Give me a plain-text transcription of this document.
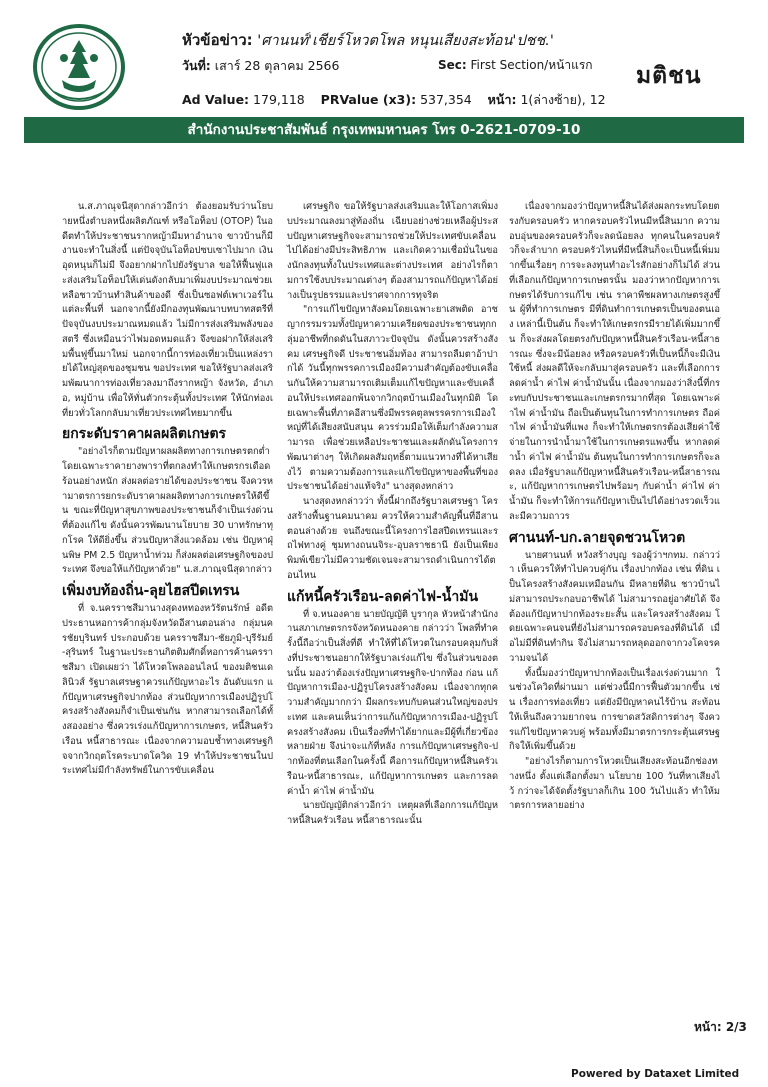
หัวข้อข่าว: 'ศานนท์'เชียร์โหวตโพล หนุนเสียงสะท้อน'ปชช.'
วันที่: เสาร์ 28 ตุลาคม 2566
Ad Value: 179,118 PRValue (x3): 537,354 หน้า: 1(ล่างซ้าย), 12
Sec: First Section/หน้าแรก มติชน
สำนักงานประชาสัมพันธ์ กรุงเทพมหานคร โทร 0-2621-0709-10

น.ส.ภาณุจนีสุดากล่าวอีกว่า ต้องยอมรับว่านโยบายหนึ่งตำบลหนึ่งผลิตภัณฑ์ หรือโอท็อป (OTOP) ในอดีตทำให้ประชาชนรากหญ้ามีมหาอำนาจ ขาวบ้านก็มีงานจะทำในสิ่งนี้ แต่ปัจจุบันโอท็อปซบเซาไปมาก เงินอุดหนุนก็ไม่มี จึงอยากฝากไปยังรัฐบาล ขอให้ฟื้นฟูและส่งเสริมโอท็อปให้เด่นดังกลับมาเพิ่มงบประมาณช่วยเหลือชาวบ้านทำสินค้าของดี ซึ่งเป็นซอฟต์เพาเวอร์ในแต่ละพื้นที่ นอกจากนี้ยังมีกองทุนพัฒนาบทบาทสตรีที่ปัจจุบันงบประมาณหมดแล้ว ไม่มีการส่งเสริมพลังของสตรี ซึ่งเหมือนว่าไฟมอดหมดแล้ว จึงขอฝากให้ส่งเสริมพื้นฟูขึ้นมาใหม่ นอกจากนี้การท่องเที่ยวเป็นแหล่งรายได้ใหญ่สุดของชุมชน ขอประเทศ ขอให้รัฐบาลส่งเสริมพัฒนาการท่องเที่ยวลงมาถึงรากหญ้า จังหวัด, อำเภอ, หมู่บ้าน เพื่อให้ทั่นตัวกระตุ้นทั้งประเทศ ให้นักท่องเที่ยวทั่วโลกกลับมาเที่ยวประเทศไทยมากขึ้น

ยกระดับราคาผลผลิตเกษตร

"อย่างไรก็ตามปัญหาผลผลิตทางการเกษตรตกต่ำ โดยเฉพาะราคายางพาราที่ตกลงทำให้เกษตรกรเดือดร้อนอย่างหนัก ส่งผลต่อรายได้ของประชาชน จึงควรหามาตรการยกระดับราคาผลผลิตทางการเกษตรให้ดีขึ้น ขณะที่ปัญหาสุขภาพของประชาชนก็จำเป็นเร่งด่วนที่ต้องแก้ไข ดังนั้นควรพัฒนานโยบาย 30 บาทรักษาทุกโรค ให้ดียิ่งขึ้น ส่วนปัญหาสิ่งแวดล้อม เช่น ปัญหาฝุ่นพิษ PM 2.5 ปัญหาน้ำท่วม ก็ส่งผลต่อเศรษฐกิจของประเทศ จึงขอให้แก้ปัญหาด้วย" น.ส.ภาณุจนีสุดากล่าว

เพิ่มงบท้องถิ่น-ลุยไฮสปีดเทรน

ที่ จ.นครราชสีมานางสุดงหทองหวัรัตนรักษ์ อดีตประธานหอการค้ากลุ่มจังหวัดอีสานตอนล่าง กลุ่มนครชัยบุรินทร์ ประกอบด้วย นครราชสีมา-ชัยภูมิ-บุรีรัมย์-สุรินทร์ ในฐานะประธานกิตติมศักดิ์หอการค้านครราชสีมา เปิดเผยว่า ได้โหวตโพลออนไลน์ ของมติชนเดลินิวส์ รัฐบาลเศรษฐาควรแก้ปัญหาอะไร อันดับแรก แก้ปัญหาเศรษฐกิจปากท้อง ส่วนปัญหาการเมืองปฏิรูปโครงสร้างสังคมก็จำเป็นเช่นกัน หากสามารถเลือกได้ทั้งสองอย่าง ซึ่งควรเร่งแก้ปัญหาการเกษตร, หนี้สินครัวเรือน หนี้สาธารณะ เนื่องจากความอบช้ำทางเศรษฐกิจจากวิกฤตโรคระบาดโควิด 19 ทำให้ประชาชนในประเทศไม่มีกำลังทรัพย์ในการขับเคลื่อน

เศรษฐกิจ ขอให้รัฐบาลส่งเสริมและให้โอกาสเพิ่มงบประมาณลงมาสู่ท้องถิ่น เฉียบอย่างช่วยเหลือผู้ประสบปัญหาเศรษฐกิจจะสามารถช่วยให้ประเทศขับเคลื่อนไปได้อย่างมีประสิทธิภาพ และเกิดความเชื่อมั่นในของนักลงทุนทั้งในประเทศและต่างประเทศ อย่างไรก็ตามการใช้งบประมาณต่างๆ ต้องสามารถแก้ปัญหาได้อย่างเป็นรูปธรรมและปราศจากการทุจริต

"การแก้ไขปัญหาสังคมโดยเฉพาะยาเสพติด อาชญากรรมรวมทั้งปัญหาความเครียดของประชาชนทุกกลุ่มอาชีพที่กดดันในสภาวะปัจจุบัน ดังนั้นควรสร้างสังคม เศรษฐกิจดี ประชาชนอิ่มท้อง สามารถลืมตาอ้าปากได้ วันนี้ทุกพรรคการเมืองมีความสำคัญต้องขับเคลื่อนกันให้ความสามารถเติมเต็มแก้ไขปัญหาและขับเคลื่อนให้ประเทศออกพ้นจากวิกฤตบ้านเมืองในทุกมิติ โดยเฉพาะพื้นที่ภาคอีสานซึ่งมีพรรคตุลพรรครการเมืองใหญ่ที่ได้เสียงสนับสนุน ควรร่วมมือให้เต็มกำลังความสามารถ เพื่อช่วยเหลือประชาชนและผลักดันโครงการพัฒนาต่างๆ ให้เกิดผลสัมฤทธิ์ตามแนวทางที่ได้หาเสียงไว้ ตามความต้องการและแก้ไขปัญหาของพื้นที่ของประชาชนได้อย่างแท้จริง" นางสุดงหกล่าว

นางสุดงหกล่าวว่า ทั้งนี้ฝากถึงรัฐบาลเศรษฐา โครงสร้างพื้นฐานคมนาคม ควรให้ความสำคัญพื้นที่อีสานตอนล่างด้วย จนถึงขณะนี้โครงการไฮสปีดเทรนและรถไฟทางคู่ ชุมทางถนนจิระ-อุบลราชธานี ยังเป็นเพียงพิมพ์เขียวไม่มีความชัดเจนจะสามารถดำเนินการได้ตอนไหน

แก้หนี้ครัวเรือน-ลดค่าไฟ-น้ำมัน

ที่ จ.หนองคาย นายบัญญัติ บูรากุล หัวหน้าสำนักงานสภาเกษตรกรจังหวัดหนองคาย กล่าวว่า โพลที่ทำครั้งนี้ถือว่าเป็นสิ่งที่ดี ทำให้ที่ได้โหวตในกรอบคลุมกับสิ่งที่ประชาชนอยากให้รัฐบาลเร่งแก้ไข ซึ่งในส่วนของตนนั้น มองว่าต้องเร่งปัญหาเศรษฐกิจ-ปากท้อง ก่อน แก้ปัญหาการเมือง-ปฏิรูปโครงสร้างสังคม เนื่องจากทุกความสำคัญมากกว่า มีผลกระทบกับคนส่วนใหญ่ของประเทศ และคนเห็นว่าการแก้แก้ปัญหาการเมือง-ปฏิรูปโครงสร้างสังคม เป็นเรื่องที่ทำได้ยากและมีผู้ที่เกี่ยวข้องหลายฝ่าย จึงน่าจะแก้ที่หลัง การแก้ปัญหาเศรษฐกิจ-ปากท้องที่ตนเลือกในครั้งนี้ คือการแก้ปัญหาหนี้สินครัวเรือน-หนี้สาธารณะ, แก้ปัญหาการเกษตร และการลดค่าน้ำ ค่าไฟ ค่าน้ำมัน

นายบัญญัติกล่าวอีกว่า เหตุผลที่เลือกการแก้ปัญหาหนี้สินครัวเรือน หนี้สาธารณะนั้น

เนื่องจากมองว่าปัญหาหนี้สินได้ส่งผลกระทบโดยตรงกับครอบครัว หากครอบครัวไหนมีหนี้สินมาก ความอบอุ่นของครอบครัวก็จะลดน้อยลง ทุกคนในครอบครัวก็จะลำบาก ครอบครัวไหนที่มีหนี้สินก็จะเป็นหนี้เพิ่มมากขึ้นเรื่อยๆ การจะลงทุนทำอะไรสักอย่างก็ไม่ได้ ส่วนที่เลือกแก้ปัญหาการเกษตรนั้น มองว่าหากปัญหาการเกษตรได้รับการแก้ไข เช่น ราคาพืชผลทางเกษตรสูงขึ้น ผู้ที่ทำการเกษตร มีที่ดินทำการเกษตรเป็นของตนเอง เหล่านี้เป็นต้น ก็จะทำให้เกษตรกรมีรายได้เพิ่มมากขึ้น ก็จะส่งผลโดยตรงกับปัญหาหนี้สินครัวเรือน-หนี้สาธารณะ ซึ่งจะมีน้อยลง หรือครอบครัวที่เป็นหนี้ก็จะมีเงินใช้หนี้ ส่งผลดีให้จะกลับมาสู่ครอบครัว และที่เลือกการลดค่าน้ำ ค่าไฟ ค่าน้ำมันนั้น เนื่องจากมองว่าสิ่งนี้ที่กระทบกับประชาชนและเกษตรกรมากที่สุด โดยเฉพาะค่าไฟ ค่าน้ำมัน ถือเป็นต้นทุนในการทำการเกษตร ถือค่าไฟ ค่าน้ำมันที่แพง ก็จะทำให้เกษตรกรต้องเสียค่าใช้จ่ายในการนำน้ำมาใช้ในการเกษตรแพงขึ้น หากลดค่าน้ำ ค่าไฟ ค่าน้ำมัน ต้นทุนในการทำการเกษตรก็จะลดลง เมื่อรัฐบาลแก้ปัญหาหนี้สินครัวเรือน-หนี้สาธารณะ, แก้ปัญหาการเกษตรไปพร้อมๆ กับค่าน้ำ ค่าไฟ ค่าน้ำมัน ก็จะทำให้การแก้ปัญหาเป็นไปได้อย่างรวดเร็วและมีความถาวร

ศานนท์-บก.ลายจุดชวนโหวต

นายศานนท์ หวังสร้างบุญ รองผู้ว่าฯกทม. กล่าวว่า เห็นควรให้ทำไปควบคู่กัน เรื่องปากท้อง เช่น ที่ดิน เป็นโครงสร้างสังคมเหมือนกัน มีหลายที่ดิน ชาวบ้านไม่สามารถประกอบอาชีพได้ ไม่สามารถอยู่อาศัยได้ จึงต้องแก้ปัญหาปากท้องระยะสั้น และโครงสร้างสังคม โดยเฉพาะคนจนที่ยังไม่สามารถครอบครองที่ดินได้ เมื่อไม่มีที่ดินทำกิน จึงไม่สามารถหลุดออกจากวงโคจรความจนได้

ทั้งนี้มองว่าปัญหาปากท้องเป็นเรื่องเร่งด่วนมาก ในช่วงโควิดที่ผ่านมา แต่ช่วงนี้มีการฟื้นตัวมากขึ้น เช่น เรื่องการท่องเที่ยว แต่ยังมีปัญหาคนไร้บ้าน สะท้อนให้เห็นถึงความยากจน การขาดสวัสดิการต่างๆ จึงควรแก้ไขปัญหาควบคู่ พร้อมทั้งมีมาตรการกระตุ้นเศรษฐกิจให้เพิ่มขึ้นด้วย

"อย่างไรก็ตามการโหวตเป็นเสียงสะท้อนอีกช่องทางหนึ่ง ตั้งแต่เลือกตั้งมา นโยบาย 100 วันที่หาเสียงไว้ กว่าจะได้จัดตั้งรัฐบาลก็เกิน 100 วันไปแล้ว ทำให้มาตรการหลายอย่าง

หน้า: 2/3
Powered by Dataxet Limited
